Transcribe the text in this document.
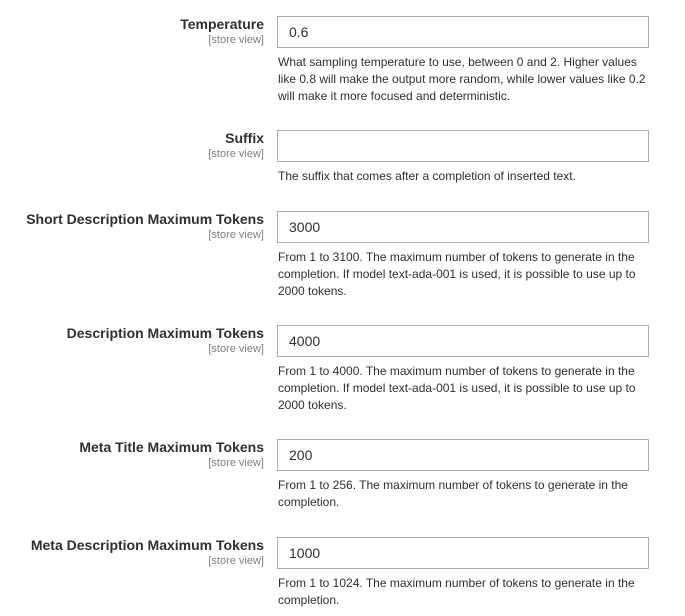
Temperature
[store view]
0.6
What sampling temperature to use, between 0 and 2. Higher values like 0.8 will make the output more random, while lower values like 0.2 will make it more focused and deterministic.
Suffix
[store view]
The suffix that comes after a completion of inserted text.
Short Description Maximum Tokens
[store view]
3000
From 1 to 3100. The maximum number of tokens to generate in the completion. If model text-ada-001 is used, it is possible to use up to 2000 tokens.
Description Maximum Tokens
[store view]
4000
From 1 to 4000. The maximum number of tokens to generate in the completion. If model text-ada-001 is used, it is possible to use up to 2000 tokens.
Meta Title Maximum Tokens
[store view]
200
From 1 to 256. The maximum number of tokens to generate in the completion.
Meta Description Maximum Tokens
[store view]
1000
From 1 to 1024. The maximum number of tokens to generate in the completion.
